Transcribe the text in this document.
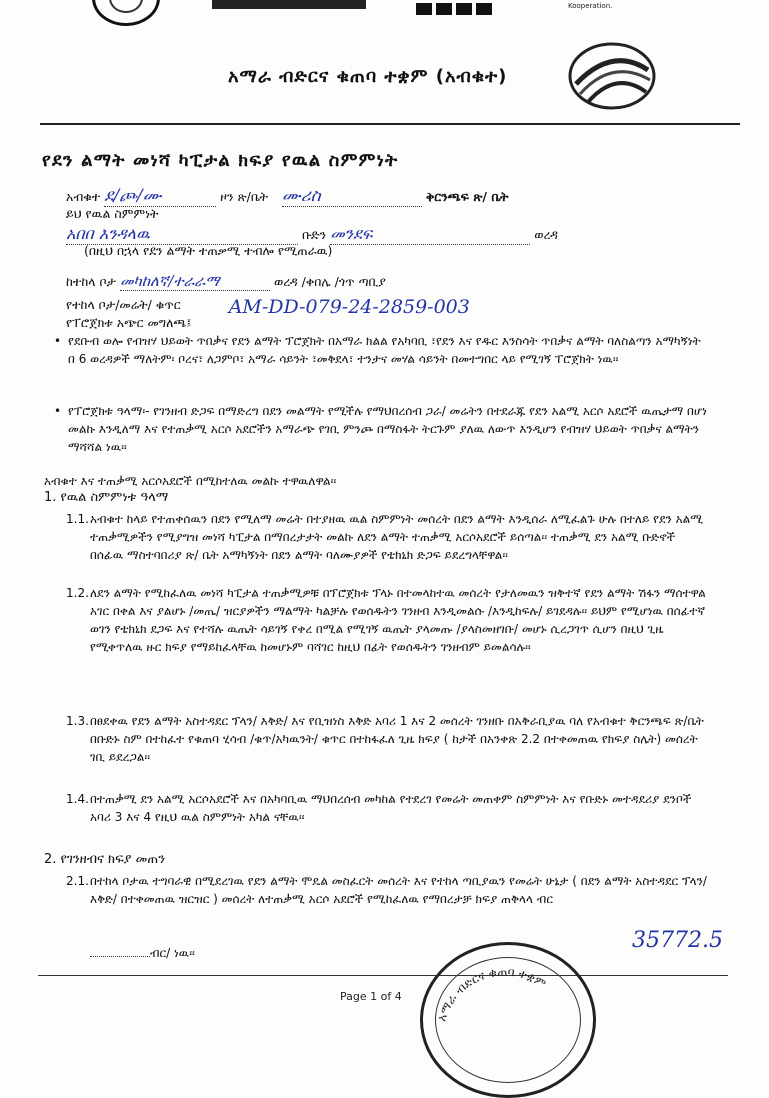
Kooperation.
አማራ ብድርና ቁጠባ ተቋም (አብቁተ)
የደን ልማት መነሻ ካፒታል ክፍያ የዉል ስምምነት
አብቁተ ደ/ጮ/ሙ	ዞን ጽ/ቤት ሙሪስ	ቅርንጫፍ ጽ/ ቤት
ይህ የዉል ስምምነት
አበበ እንዳላዉ	ቡድን መንደፍ	ወረዳ
(በዚህ በኋላ የደን ልማት ተጠቃሚ ተብሎ የሚጠራዉ)
ከተከላ ቦታ መካከለኛ/ተራራማ	ወረዳ /ቀበሌ /ጎጥ ጣቢያ
የተከላ ቦታ/መሬት/ ቁጥር	AM-DD-079-24-2859-003
የፐሮጀክቱ አጭር መግለጫ፤
• የደቡብ ወሎ የብዝሃ ህይወት ጥበቃና የደን ልማት ፕሮጀክት በአማራ ክልል የአካባቢ ፣የደን እና የዱር እንስሳት ጥበቃና ልማት ባለስልጣን አማካኝነት በ 6 ወረዳዎች ማለትም፡ ቦረና፣ ለጋምቦ፣ አማራ ሳይንት ፣መቅደላ፣ ተንታና መሃል ሳይንት በመተግበር ላይ የሚገኝ ፐሮጀክት ነዉ፡፡

• የፐሮጀክቱ ዓላማ፡- የገንዘብ ድጋፍ በማድረግ በደን መልማት የሚችሉ የማህበረሰብ ጋራ/ መሬትን በተደራጁ የደን አልሚ አርሶ አደሮች ዉጤታማ በሆነ መልኩ እንዲለማ እና የተጠቃሚ አርሶ አደሮችን አማራጭ የገቢ ምንጮ በማስፋት ትርጉም ያለዉ ለውጥ እንዲሆን የብዝሃ ህይወት ጥበቃና ልማትን ማሻሻል ነዉ፡፡

አብቁተ እና ተጠቃሚ አርሶአደሮች በሚከተለዉ መልኩ ተዋዉለዋል፡፡
1. የዉል ስምምነቱ ዓላማ
1.1. አብቁተ ከላይ የተጠቀሰዉን በደን የሚለማ መሬት በተያዘዉ ዉል ስምምነት መሰረት በደን ልማት እንዲሰራ ለሚፈልጉ ሁሉ በተለይ የደን አልሚ ተጠቃሚዎችን የሚያግዝ መነሻ ካፒታል በማበረታታት መልኩ ለደን ልማት ተጠቃሚ አርሶአደሮች ይሰጣል፡፡ ተጠቃሚ ደን አልሚ ቡድኖች በሰፊዉ ማስተባበሪያ ጽ/ ቤት አማካኝነት በደን ልማት ባለሙያዎች የቴክኒክ ድጋፍ ይደረግላቸዋል፡፡

1.2. ለደን ልማት የሚከፈለዉ መነሻ ካፒታል ተጠቃሚዎቹ በፕሮጀክቱ ፕላኑ በተመላከተዉ መሰረት የታለመዉን ዝቅተኛ የደን ልማት ሽፋን ማሰተዋል አገር በቀል እና ያልሆኑ /መጤ/ ዝርያዎችን ማልማት ካልቻሉ የወሰዱትን ገንዘብ እንዲመልሱ /እንዲከፍሉ/ ይገደዳሉ፡፡ ይህም የሚሆነዉ በሰፊተኛ ወገን የቴክኒክ ደጋፍ እና የተሻሉ ዉጤት ሳይገኝ የቀረ በሚል የሚገኝ ዉጤት ያላመጡ /ያላስመዘገቡ/ መሆኑ ሲረጋገጥ ሲሆን በዚህ ጊዜ የሚቀጥለዉ ዙር ክፍያ የማይከፈላቸዉ ከመሆኑም ባሻገር ከዚህ በፊት የወሰዱትን ገንዘብም ይመልሳሉ፡፡

1.3. በፀደቀዉ የደን ልማት አስተዳደር ፕላን/ እቅድ/ እና የቢዝነስ እቅድ አባሪ 1 እና 2 መሰረት ገንዘቡ በአቅራቢያዉ ባለ የአብቁተ ቅርንጫፍ ጽ/ቤት በቡድኑ ስም በተከፈተ የቁጠባ ሂሳብ /ቁጥ/አካዉንት/ ቁጥር በተከፋፈለ ጊዜ ክፍያ ( ከታች በአንቀጽ 2.2 በተቀመጠዉ የክፍያ ስሌት) መሰረት ገቢ ይደረጋል፡፡

1.4. በተጠቃሚ ደን አልሚ አርሶአደሮች እና በአካባቢዉ ማህበረሰብ መካከል የተደረገ የመሬት መጠቀም ስምምነት እና የቡድኑ መተዳደሪያ ደንቦች አባሪ 3 እና 4 የዚህ ዉል ስምምነት አካል ናቸዉ፡፡

2. የገንዘብና ክፍያ መጠን
2.1. በተከላ ቦታዉ ተግባራዊ በሚደረገዉ የደን ልማት ሞዴል መስፈርት መሰረት እና የተከላ ጣቢያዉን የመሬት ሁኔታ ( በደን ልማት አስተዳደር ፕላን/እቅድ/ በተቀመጠዉ ዝርዝር ) መሰረት ለተጠቃሚ አርሶ አደሮች የሚከፈለዉ የማበረታቻ ክፍያ ጠቅላላ ብር

ብር/ ነዉ፡፡	35772.5
አማራ ብድርና ቁጠባ ተቋም
Page 1 of 4
